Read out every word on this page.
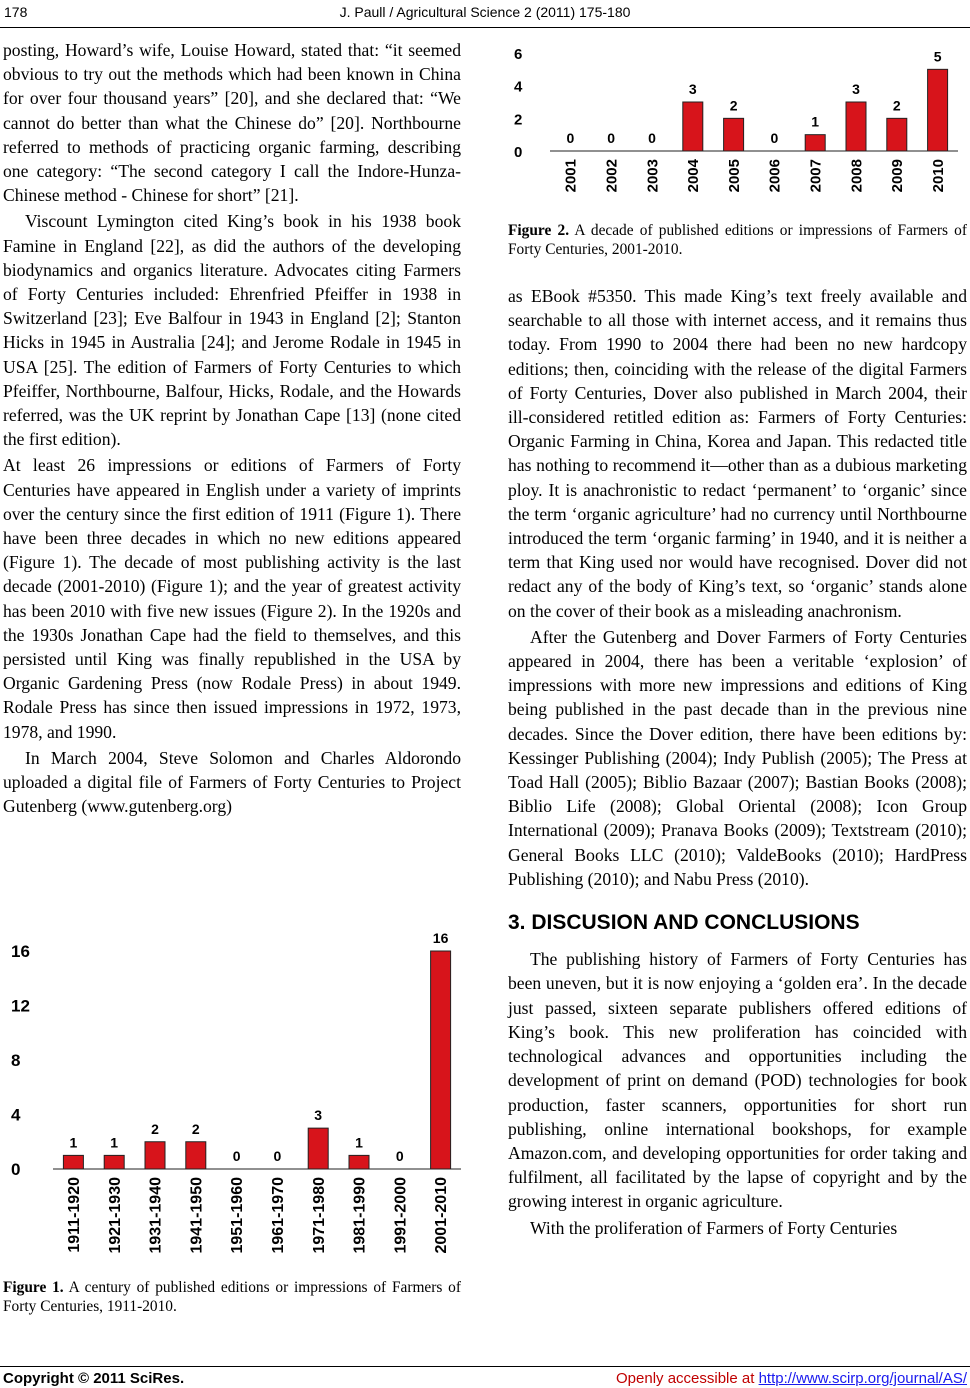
178	J. Paull / Agricultural Science 2 (2011) 175-180

posting, Howard’s wife, Louise Howard, stated that: “it seemed obvious to try out the methods which had been known in China for over four thousand years” [20], and she declared that: “We cannot do better than what the Chinese do” [20]. Northbourne referred to methods of practicing organic farming, describing one category: “The second category I call the Indore-Hunza-Chinese method - Chinese for short” [21].

Viscount Lymington cited King’s book in his 1938 book Famine in England [22], as did the authors of the developing biodynamics and organics literature. Advocates citing Farmers of Forty Centuries included: Ehrenfried Pfeiffer in 1938 in Switzerland [23]; Eve Balfour in 1943 in England [2]; Stanton Hicks in 1945 in Australia [24]; and Jerome Rodale in 1945 in USA [25]. The edition of Farmers of Forty Centuries to which Pfeiffer, Northbourne, Balfour, Hicks, Rodale, and the Howards referred, was the UK reprint by Jonathan Cape [13] (none cited the first edition).

At least 26 impressions or editions of Farmers of Forty Centuries have appeared in English under a variety of imprints over the century since the first edition of 1911 (Figure 1). There have been three decades in which no new editions appeared (Figure 1). The decade of most publishing activity is the last decade (2001-2010) (Figure 1); and the year of greatest activity has been 2010 with five new issues (Figure 2). In the 1920s and the 1930s Jonathan Cape had the field to themselves, and this persisted until King was finally republished in the USA by Organic Gardening Press (now Rodale Press) in about 1949. Rodale Press has since then issued impressions in 1972, 1973, 1978, and 1990.

In March 2004, Steve Solomon and Charles Aldorondo uploaded a digital file of Farmers of Forty Centuries to Project Gutenberg (www.gutenberg.org)

0
4
8
12
16
1
1911-1920
1
1921-1930
2
1931-1940
2
1941-1950
0
1951-1960
0
1961-1970
3
1971-1980
1
1981-1990
0
1991-2000
16
2001-2010
Figure 1. A century of published editions or impressions of Farmers of Forty Centuries, 1911-2010.
0
2
4
6
0
2001
0
2002
0
2003
3
2004
2
2005
0
2006
1
2007
3
2008
2
2009
5
2010
Figure 2. A decade of published editions or impressions of Farmers of Forty Centuries, 2001-2010.

as EBook #5350. This made King’s text freely available and searchable to all those with internet access, and it remains thus today. From 1990 to 2004 there had been no new hardcopy editions; then, coinciding with the release of the digital Farmers of Forty Centuries, Dover also published in March 2004, their ill-considered retitled edition as: Farmers of Forty Centuries: Organic Farming in China, Korea and Japan. This redacted title has nothing to recommend it—other than as a dubious marketing ploy. It is anachronistic to redact ‘permanent’ to ‘organic’ since the term ‘organic agriculture’ had no currency until Northbourne introduced the term ‘organic farming’ in 1940, and it is neither a term that King used nor would have recognised. Dover did not redact any of the body of King’s text, so ‘organic’ stands alone on the cover of their book as a misleading anachronism.

After the Gutenberg and Dover Farmers of Forty Centuries appeared in 2004, there has been a veritable ‘explosion’ of impressions with more new impressions and editions of King being published in the past decade than in the previous nine decades. Since the Dover edition, there have been editions by: Kessinger Publishing (2004); Indy Publish (2005); The Press at Toad Hall (2005); Biblio Bazaar (2007); Bastian Books (2008); Biblio Life (2008); Global Oriental (2008); Icon Group International (2009); Pranava Books (2009); Textstream (2010); General Books LLC (2010); ValdeBooks (2010); HardPress Publishing (2010); and Nabu Press (2010).

3. DISCUSION AND CONCLUSIONS

The publishing history of Farmers of Forty Centuries has been uneven, but it is now enjoying a ‘golden era’. In the decade just passed, sixteen separate publishers offered editions of King’s book. This new proliferation has coincided with technological advances and opportunities including the development of print on demand (POD) technologies for book production, faster scanners, opportunities for short run publishing, online international bookshops, for example Amazon.com, and developing opportunities for order taking and fulfilment, all facilitated by the lapse of copyright and by the growing interest in organic agriculture.

With the proliferation of Farmers of Forty Centuries

Copyright © 2011 SciRes.	Openly accessible at http://www.scirp.org/journal/AS/
